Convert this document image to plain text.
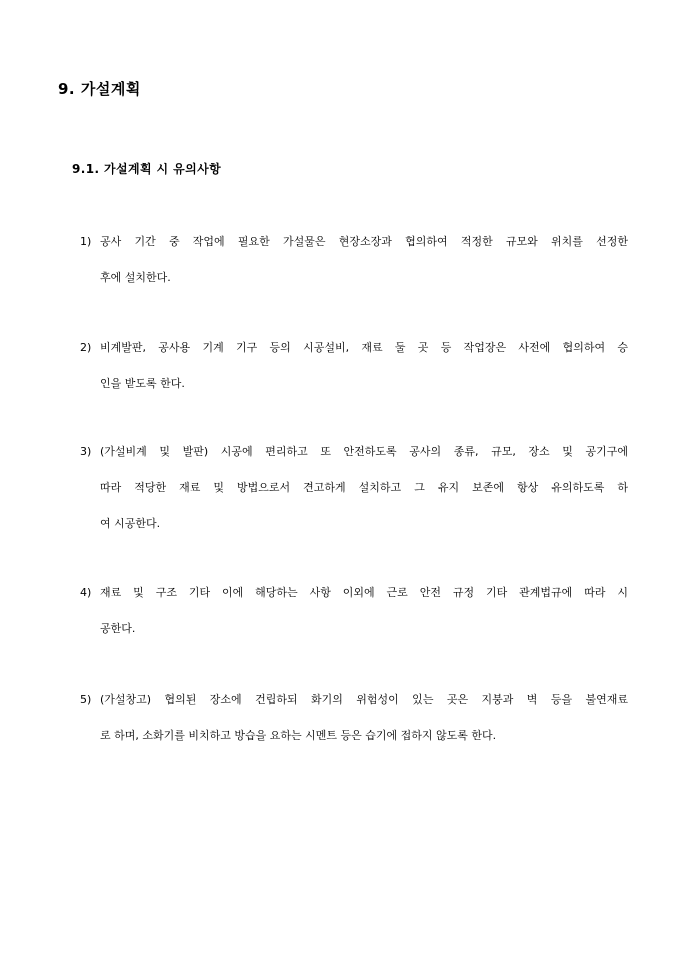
9. 가설계획
9.1. 가설계획 시 유의사항
1) 공사 기간 중 작업에 필요한 가설물은 현장소장과 협의하여 적정한 규모와 위치를 선정한
후에 설치한다.
2) 비계발판, 공사용 기계 기구 등의 시공설비, 재료 둘 곳 등 작업장은 사전에 협의하여 승
인을 받도록 한다.
3) (가설비계 및 발판) 시공에 편리하고 또 안전하도록 공사의 종류, 규모, 장소 및 공기구에
따라 적당한 재료 및 방법으로서 견고하게 설치하고 그 유지 보존에 항상 유의하도록 하
여 시공한다.
4) 재료 및 구조 기타 이에 해당하는 사항 이외에 근로 안전 규정 기타 관계법규에 따라 시
공한다.
5) (가설창고) 협의된 장소에 건립하되 화기의 위험성이 있는 곳은 지붕과 벽 등을 불연재료
로 하며, 소화기를 비치하고 방습을 요하는 시멘트 등은 습기에 접하지 않도록 한다.
